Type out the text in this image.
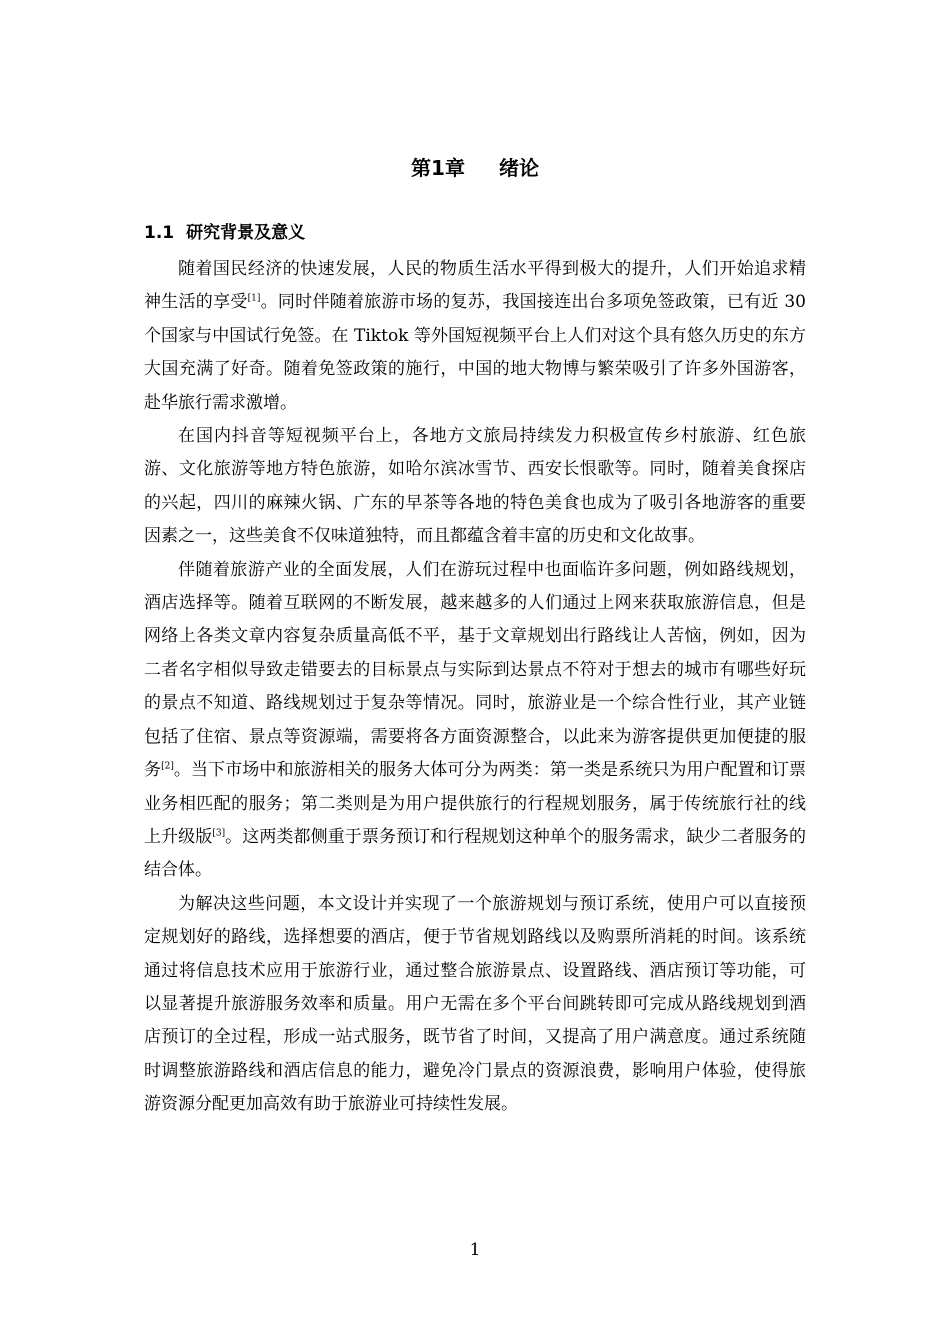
第1章 绪论
1.1 研究背景及意义

随着国民经济的快速发展，人民的物质生活水平得到极大的提升，人们开始追求精神生活的享受[1]。同时伴随着旅游市场的复苏，我国接连出台多项免签政策，已有近 30 个国家与中国试行免签。在 Tiktok 等外国短视频平台上人们对这个具有悠久历史的东方大国充满了好奇。随着免签政策的施行，中国的地大物博与繁荣吸引了许多外国游客，赴华旅行需求激增。

在国内抖音等短视频平台上，各地方文旅局持续发力积极宣传乡村旅游、红色旅游、文化旅游等地方特色旅游，如哈尔滨冰雪节、西安长恨歌等。同时，随着美食探店的兴起，四川的麻辣火锅、广东的早茶等各地的特色美食也成为了吸引各地游客的重要因素之一，这些美食不仅味道独特，而且都蕴含着丰富的历史和文化故事。

伴随着旅游产业的全面发展，人们在游玩过程中也面临许多问题，例如路线规划，酒店选择等。随着互联网的不断发展，越来越多的人们通过上网来获取旅游信息，但是网络上各类文章内容复杂质量高低不平，基于文章规划出行路线让人苦恼，例如，因为二者名字相似导致走错要去的目标景点与实际到达景点不符对于想去的城市有哪些好玩的景点不知道、路线规划过于复杂等情况。同时，旅游业是一个综合性行业，其产业链包括了住宿、景点等资源端，需要将各方面资源整合，以此来为游客提供更加便捷的服务[2]。当下市场中和旅游相关的服务大体可分为两类：第一类是系统只为用户配置和订票业务相匹配的服务；第二类则是为用户提供旅行的行程规划服务，属于传统旅行社的线上升级版[3]。这两类都侧重于票务预订和行程规划这种单个的服务需求，缺少二者服务的结合体。

为解决这些问题，本文设计并实现了一个旅游规划与预订系统，使用户可以直接预定规划好的路线，选择想要的酒店，便于节省规划路线以及购票所消耗的时间。该系统通过将信息技术应用于旅游行业，通过整合旅游景点、设置路线、酒店预订等功能，可以显著提升旅游服务效率和质量。用户无需在多个平台间跳转即可完成从路线规划到酒店预订的全过程，形成一站式服务，既节省了时间，又提高了用户满意度。通过系统随时调整旅游路线和酒店信息的能力，避免冷门景点的资源浪费，影响用户体验，使得旅游资源分配更加高效有助于旅游业可持续性发展。

1
